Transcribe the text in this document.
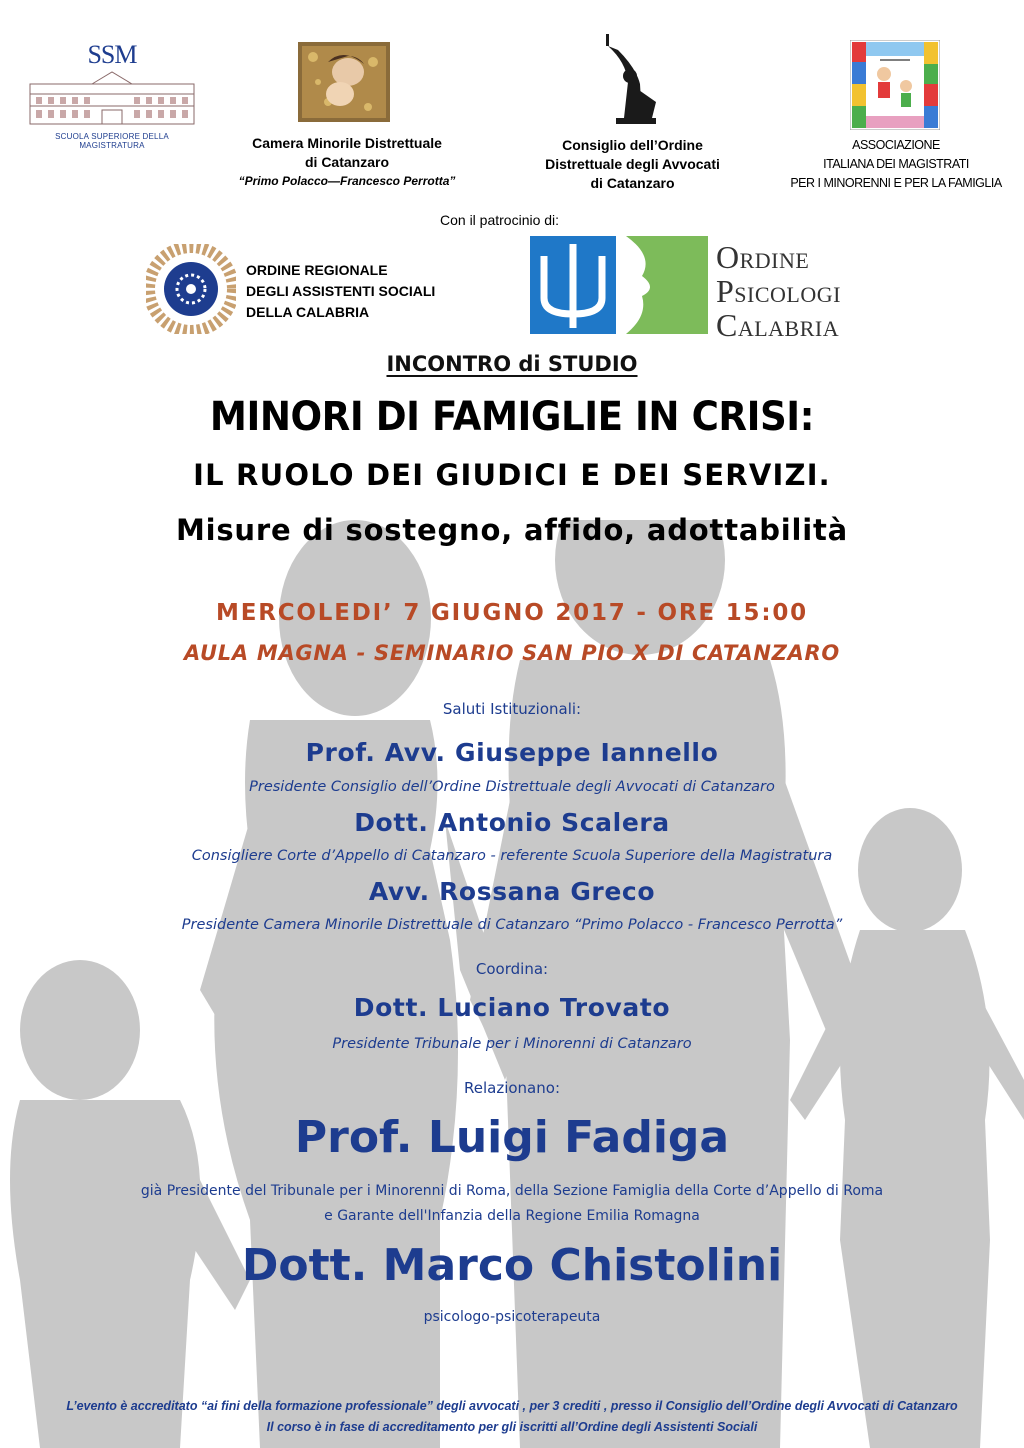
SSM
SCUOLA SUPERIORE DELLA MAGISTRATURA	Camera Minorile Distrettuale
di Catanzaro
“Primo Polacco—Francesco Perrotta”
Consiglio dell’Ordine
Distrettuale degli Avvocati
di Catanzaro
ASSOCIAZIONE
ITALIANA DEI MAGISTRATI
PER I MINORENNI E PER LA FAMIGLIA
Con il patrocinio di:
ORDINE REGIONALE
DEGLI ASSISTENTI SOCIALI
DELLA CALABRIA
Ordine
Psicologi
Calabria
INCONTRO di STUDIO
MINORI DI FAMIGLIE IN CRISI:
IL RUOLO DEI GIUDICI E DEI SERVIZI.
Misure di sostegno, affido, adottabilità
MERCOLEDI’ 7 GIUGNO 2017 - ORE 15:00
AULA MAGNA - SEMINARIO SAN PIO X DI CATANZARO
Saluti Istituzionali:
Prof. Avv. Giuseppe Iannello
Presidente Consiglio dell’Ordine Distrettuale degli Avvocati di Catanzaro
Dott. Antonio Scalera
Consigliere Corte d’Appello di Catanzaro - referente Scuola Superiore della Magistratura
Avv. Rossana Greco
Presidente Camera Minorile Distrettuale di Catanzaro “Primo Polacco - Francesco Perrotta”
Coordina:
Dott. Luciano Trovato
Presidente Tribunale per i Minorenni di Catanzaro
Relazionano:
Prof. Luigi Fadiga
già Presidente del Tribunale per i Minorenni di Roma, della Sezione Famiglia della Corte d’Appello di Roma
e Garante dell'Infanzia della Regione Emilia Romagna
Dott. Marco Chistolini
psicologo-psicoterapeuta
L’evento è accreditato “ai fini della formazione professionale” degli avvocati , per 3 crediti , presso il Consiglio dell’Ordine degli Avvocati di Catanzaro
Il corso è in fase di accreditamento per gli iscritti all’Ordine degli Assistenti Sociali
